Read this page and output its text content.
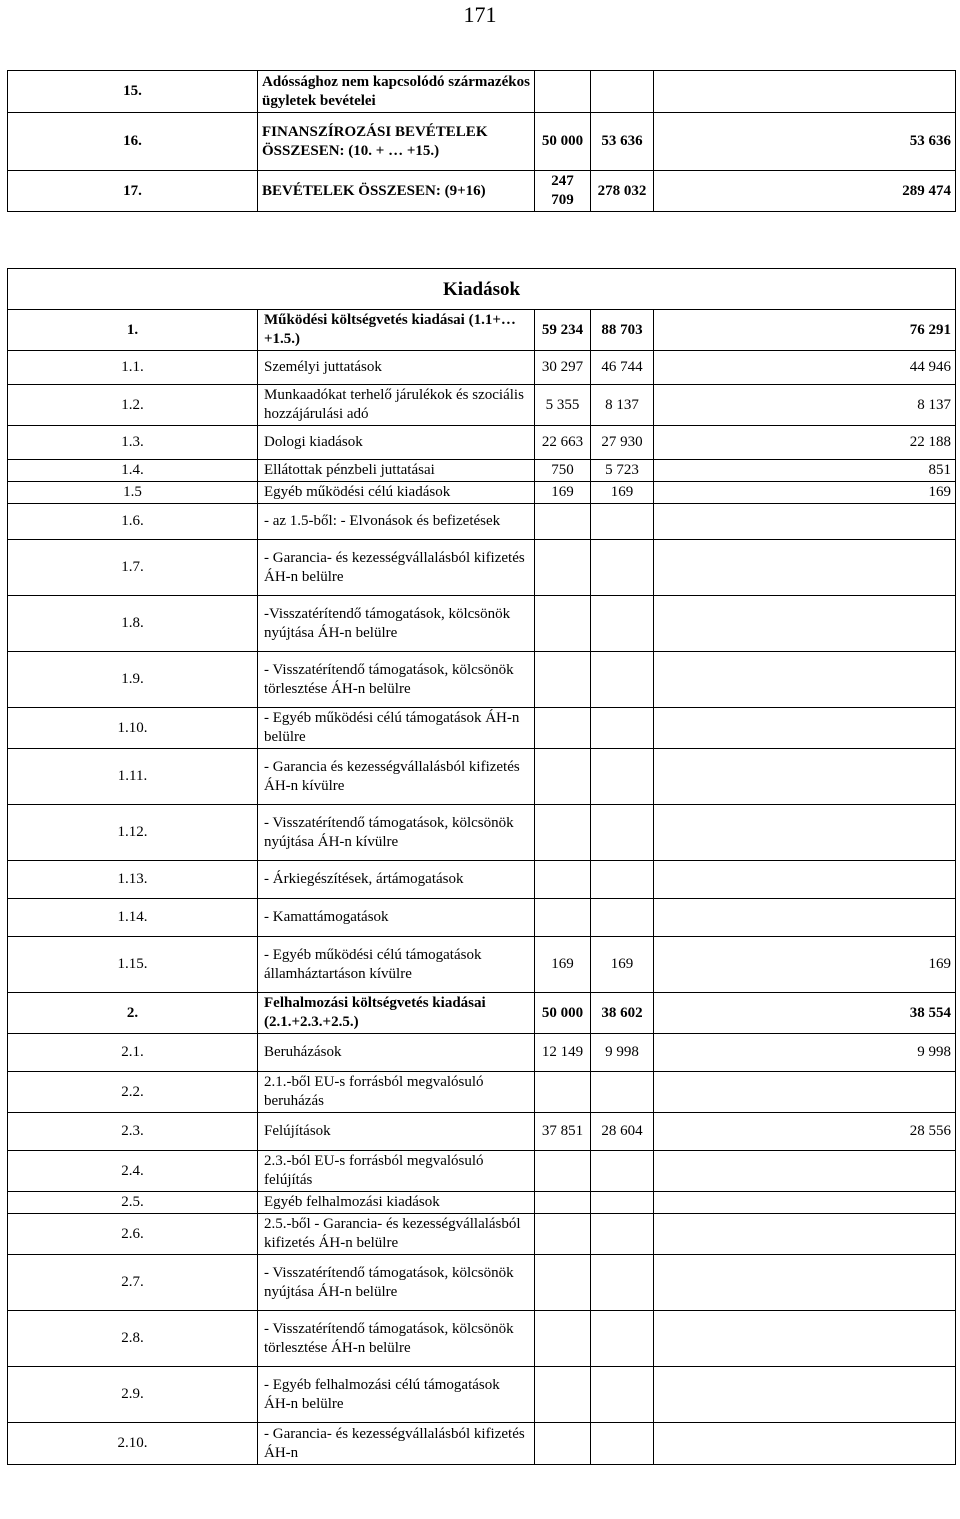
171
15.	Adóssághoz nem kapcsolódó származékos ügyletek bevételei			
16.	FINANSZÍROZÁSI BEVÉTELEK ÖSSZESEN: (10. + … +15.)	50 000	53 636	53 636
17.	BEVÉTELEK ÖSSZESEN: (9+16)	247 709	278 032	289 474
Kiadások				
1.	Működési költségvetés kiadásai (1.1+…+1.5.)	59 234	88 703	76 291
1.1.	Személyi juttatások	30 297	46 744	44 946
1.2.	Munkaadókat terhelő járulékok és szociális hozzájárulási adó	5 355	8 137	8 137
1.3.	Dologi kiadások	22 663	27 930	22 188
1.4.	Ellátottak pénzbeli juttatásai	750	5 723	851
1.5	Egyéb működési célú kiadások	169	169	169
1.6.	- az 1.5-ből: - Elvonások és befizetések			
1.7.	- Garancia- és kezességvállalásból kifizetés ÁH-n belülre			
1.8.	-Visszatérítendő támogatások, kölcsönök nyújtása ÁH-n belülre			
1.9.	- Visszatérítendő támogatások, kölcsönök törlesztése ÁH-n belülre			
1.10.	- Egyéb működési célú támogatások ÁH-n belülre			
1.11.	- Garancia és kezességvállalásból kifizetés ÁH-n kívülre			
1.12.	- Visszatérítendő támogatások, kölcsönök nyújtása ÁH-n kívülre			
1.13.	- Árkiegészítések, ártámogatások			
1.14.	- Kamattámogatások			
1.15.	- Egyéb működési célú támogatások államháztartáson kívülre	169	169	169
2.	Felhalmozási költségvetés kiadásai (2.1.+2.3.+2.5.)	50 000	38 602	38 554
2.1.	Beruházások	12 149	9 998	9 998
2.2.	2.1.-ből EU-s forrásból megvalósuló beruházás			
2.3.	Felújítások	37 851	28 604	28 556
2.4.	2.3.-ból EU-s forrásból megvalósuló felújítás			
2.5.	Egyéb felhalmozási kiadások			
2.6.	2.5.-ből - Garancia- és kezességvállalásból kifizetés ÁH-n belülre			
2.7.	- Visszatérítendő támogatások, kölcsönök nyújtása ÁH-n belülre			
2.8.	- Visszatérítendő támogatások, kölcsönök törlesztése ÁH-n belülre			
2.9.	- Egyéb felhalmozási célú támogatások ÁH-n belülre			
2.10.	- Garancia- és kezességvállalásból kifizetés ÁH-n			
